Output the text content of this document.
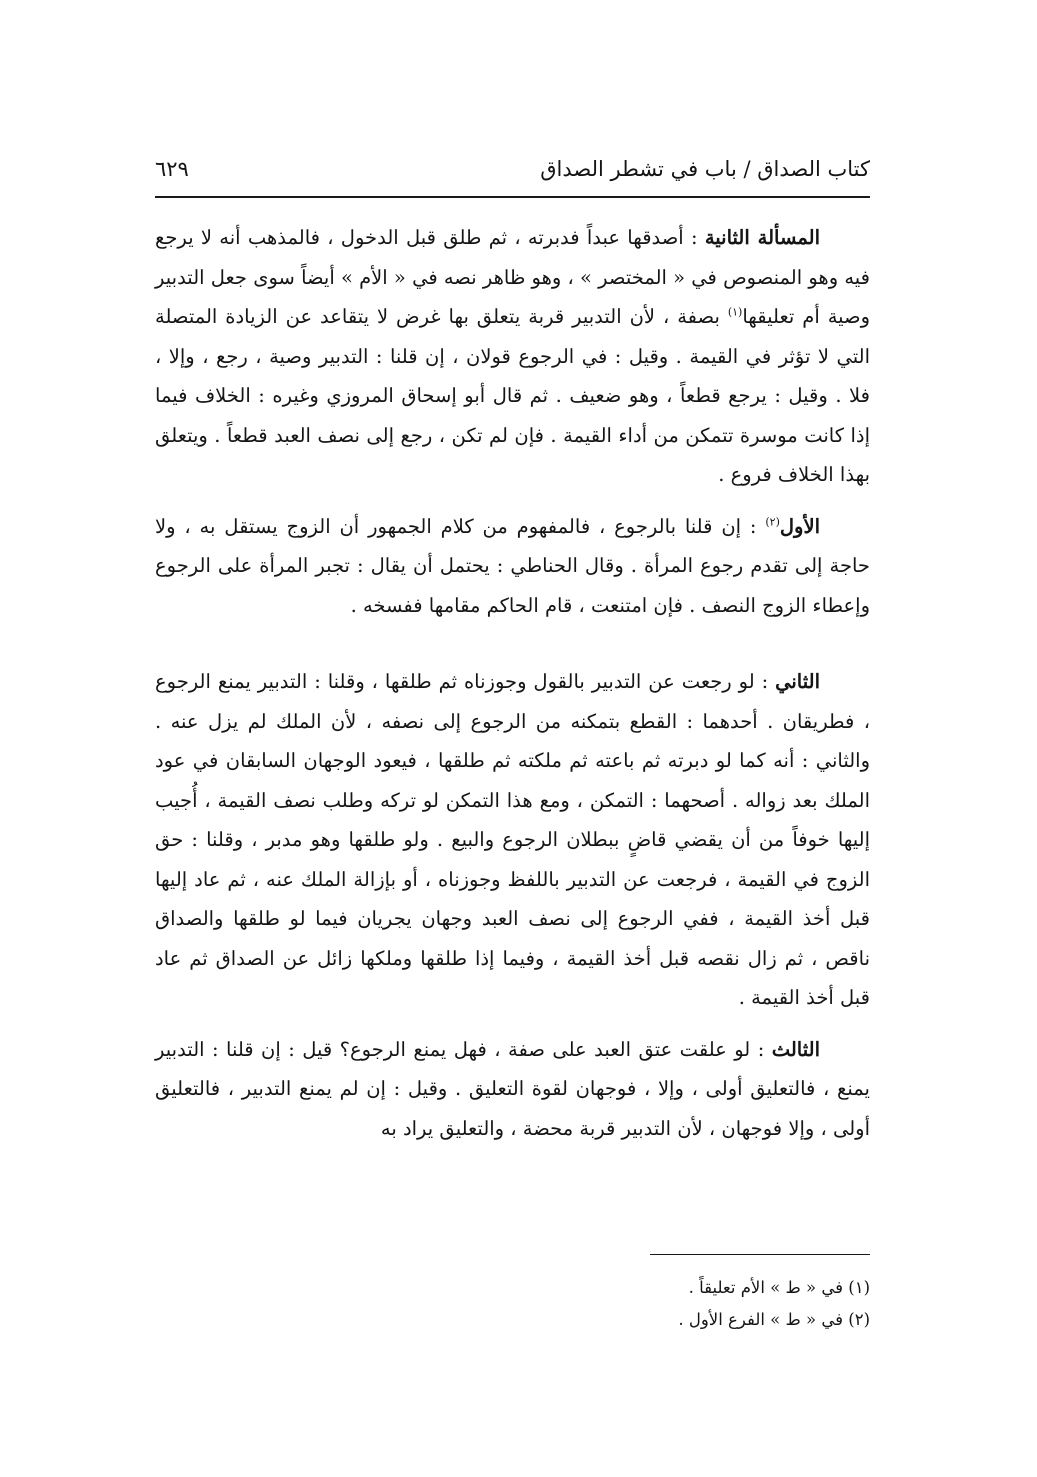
كتاب الصداق / باب في تشطر الصداق
٦٢٩

المسألة الثانية : أصدقها عبداً فدبرته ، ثم طلق قبل الدخول ، فالمذهب أنه لا يرجع فيه وهو المنصوص في « المختصر » ، وهو ظاهر نصه في « الأم » أيضاً سوى جعل التدبير وصية أم تعليقها$^{(١)}$ بصفة ، لأن التدبير قربة يتعلق بها غرض لا يتقاعد عن الزيادة المتصلة التي لا تؤثر في القيمة . وقيل : في الرجوع قولان ، إن قلنا : التدبير وصية ، رجع ، وإلا ، فلا . وقيل : يرجع قطعاً ، وهو ضعيف . ثم قال أبو إسحاق المروزي وغيره : الخلاف فيما إذا كانت موسرة تتمكن من أداء القيمة . فإن لم تكن ، رجع إلى نصف العبد قطعاً . ويتعلق بهذا الخلاف فروع .

الأول$^{(٢)}$ : إن قلنا بالرجوع ، فالمفهوم من كلام الجمهور أن الزوج يستقل به ، ولا حاجة إلى تقدم رجوع المرأة . وقال الحناطي : يحتمل أن يقال : تجبر المرأة على الرجوع وإعطاء الزوج النصف . فإن امتنعت ، قام الحاكم مقامها ففسخه .

الثاني : لو رجعت عن التدبير بالقول وجوزناه ثم طلقها ، وقلنا : التدبير يمنع الرجوع ، فطريقان . أحدهما : القطع بتمكنه من الرجوع إلى نصفه ، لأن الملك لم يزل عنه . والثاني : أنه كما لو دبرته ثم باعته ثم ملكته ثم طلقها ، فيعود الوجهان السابقان في عود الملك بعد زواله . أصحهما : التمكن ، ومع هذا التمكن لو تركه وطلب نصف القيمة ، أُجيب إليها خوفاً من أن يقضي قاضٍ ببطلان الرجوع والبيع . ولو طلقها وهو مدبر ، وقلنا : حق الزوج في القيمة ، فرجعت عن التدبير باللفظ وجوزناه ، أو بإزالة الملك عنه ، ثم عاد إليها قبل أخذ القيمة ، ففي الرجوع إلى نصف العبد وجهان يجريان فيما لو طلقها والصداق ناقص ، ثم زال نقصه قبل أخذ القيمة ، وفيما إذا طلقها وملكها زائل عن الصداق ثم عاد قبل أخذ القيمة .

الثالث : لو علقت عتق العبد على صفة ، فهل يمنع الرجوع؟ قيل : إن قلنا : التدبير يمنع ، فالتعليق أولى ، وإلا ، فوجهان لقوة التعليق . وقيل : إن لم يمنع التدبير ، فالتعليق أولى ، وإلا فوجهان ، لأن التدبير قربة محضة ، والتعليق يراد به

(١) في « ط » الأم تعليقاً .
(٢) في « ط » الفرع الأول .
